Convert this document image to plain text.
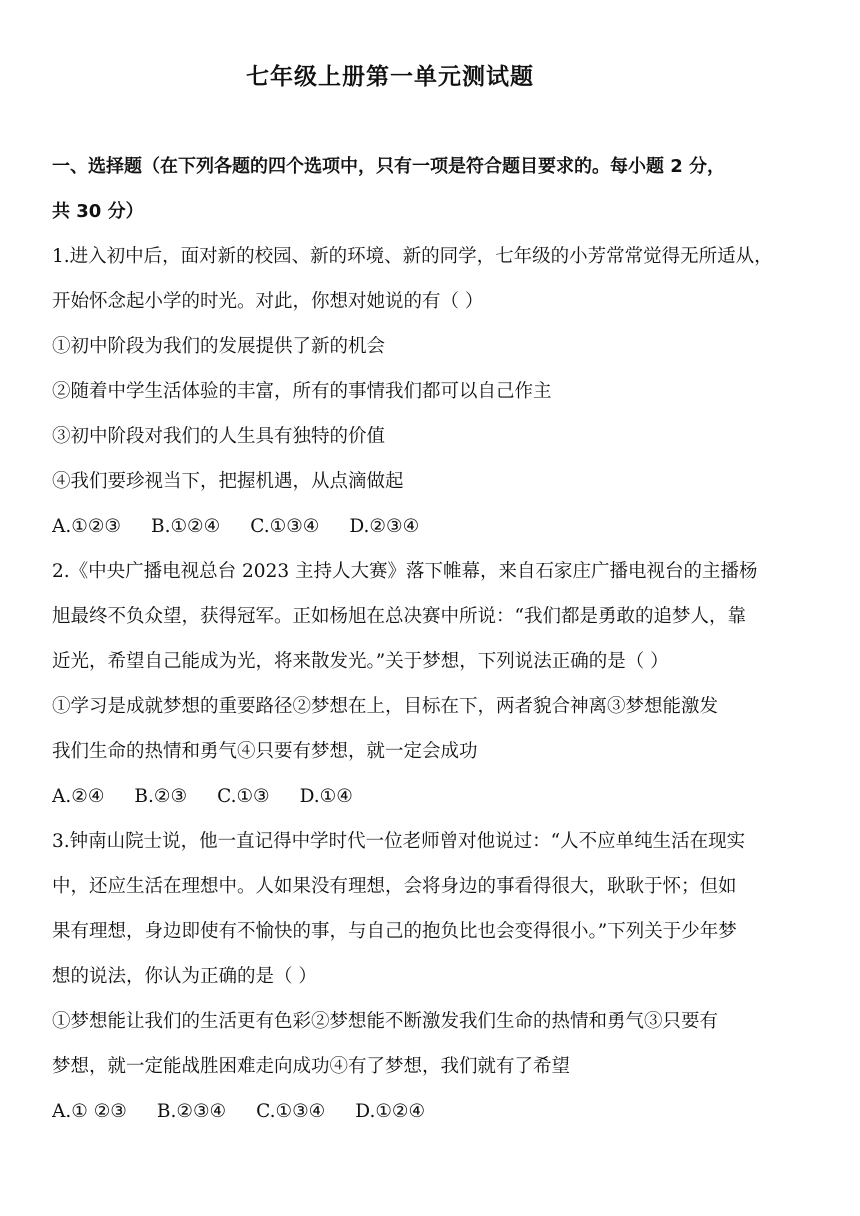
七年级上册第一单元测试题
一、选择题（在下列各题的四个选项中，只有一项是符合题目要求的。每小题 2 分，
共 30 分）
1.进入初中后，面对新的校园、新的环境、新的同学，七年级的小芳常常觉得无所适从，
开始怀念起小学的时光。对此，你想对她说的有（ ）
①初中阶段为我们的发展提供了新的机会
②随着中学生活体验的丰富，所有的事情我们都可以自己作主
③初中阶段对我们的人生具有独特的价值
④我们要珍视当下，把握机遇，从点滴做起
A.①②③ B.①②④ C.①③④ D.②③④
2.《中央广播电视总台 2023 主持人大赛》落下帷幕，来自石家庄广播电视台的主播杨
旭最终不负众望，获得冠军。正如杨旭在总决赛中所说：“我们都是勇敢的追梦人，靠
近光，希望自己能成为光，将来散发光。”关于梦想，下列说法正确的是（ ）
①学习是成就梦想的重要路径②梦想在上，目标在下，两者貌合神离③梦想能激发
我们生命的热情和勇气④只要有梦想，就一定会成功
A.②④ B.②③ C.①③ D.①④
3.钟南山院士说，他一直记得中学时代一位老师曾对他说过：“人不应单纯生活在现实
中，还应生活在理想中。人如果没有理想，会将身边的事看得很大，耿耿于怀；但如
果有理想，身边即使有不愉快的事，与自己的抱负比也会变得很小。”下列关于少年梦
想的说法，你认为正确的是（ ）
①梦想能让我们的生活更有色彩②梦想能不断激发我们生命的热情和勇气③只要有
梦想，就一定能战胜困难走向成功④有了梦想，我们就有了希望
A.① ②③ B.②③④ C.①③④ D.①②④
